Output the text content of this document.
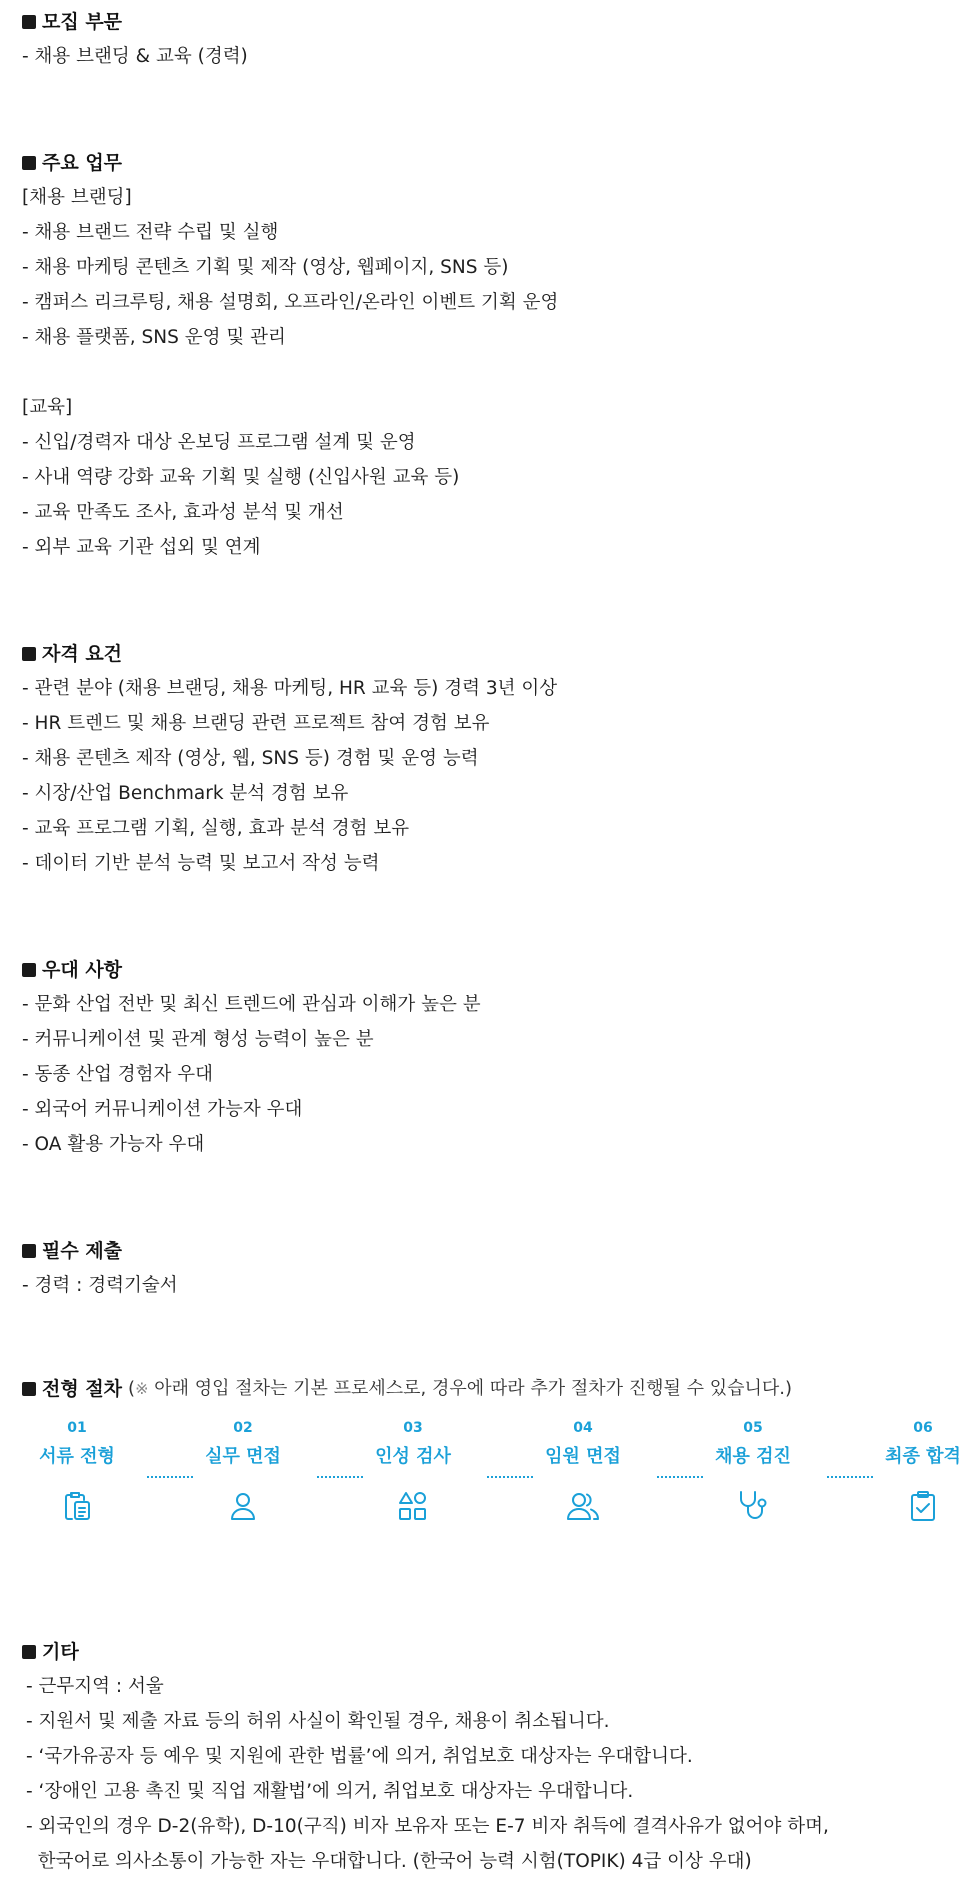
모집 부문
- 채용 브랜딩 & 교육 (경력)
주요 업무
[채용 브랜딩]
- 채용 브랜드 전략 수립 및 실행
- 채용 마케팅 콘텐츠 기획 및 제작 (영상, 웹페이지, SNS 등)
- 캠퍼스 리크루팅, 채용 설명회, 오프라인/온라인 이벤트 기획 운영
- 채용 플랫폼, SNS 운영 및 관리
[교육]
- 신입/경력자 대상 온보딩 프로그램 설계 및 운영
- 사내 역량 강화 교육 기획 및 실행 (신입사원 교육 등)
- 교육 만족도 조사, 효과성 분석 및 개선
- 외부 교육 기관 섭외 및 연계
자격 요건
- 관련 분야 (채용 브랜딩, 채용 마케팅, HR 교육 등) 경력 3년 이상
- HR 트렌드 및 채용 브랜딩 관련 프로젝트 참여 경험 보유
- 채용 콘텐츠 제작 (영상, 웹, SNS 등) 경험 및 운영 능력
- 시장/산업 Benchmark 분석 경험 보유
- 교육 프로그램 기획, 실행, 효과 분석 경험 보유
- 데이터 기반 분석 능력 및 보고서 작성 능력
우대 사항
- 문화 산업 전반 및 최신 트렌드에 관심과 이해가 높은 분
- 커뮤니케이션 및 관계 형성 능력이 높은 분
- 동종 산업 경험자 우대
- 외국어 커뮤니케이션 가능자 우대
- OA 활용 가능자 우대
필수 제출
- 경력 : 경력기술서
전형 절차 (※ 아래 영입 절차는 기본 프로세스로, 경우에 따라 추가 절차가 진행될 수 있습니다.)
01
서류 전형
02
실무 면접
03
인성 검사
04
임원 면접
05
채용 검진
06
최종 합격
기타
- 근무지역 : 서울
- 지원서 및 제출 자료 등의 허위 사실이 확인될 경우, 채용이 취소됩니다.
- ‘국가유공자 등 예우 및 지원에 관한 법률’에 의거, 취업보호 대상자는 우대합니다.
- ‘장애인 고용 촉진 및 직업 재활법’에 의거, 취업보호 대상자는 우대합니다.
- 외국인의 경우 D-2(유학), D-10(구직) 비자 보유자 또는 E-7 비자 취득에 결격사유가 없어야 하며,
한국어로 의사소통이 가능한 자는 우대합니다. (한국어 능력 시험(TOPIK) 4급 이상 우대)
